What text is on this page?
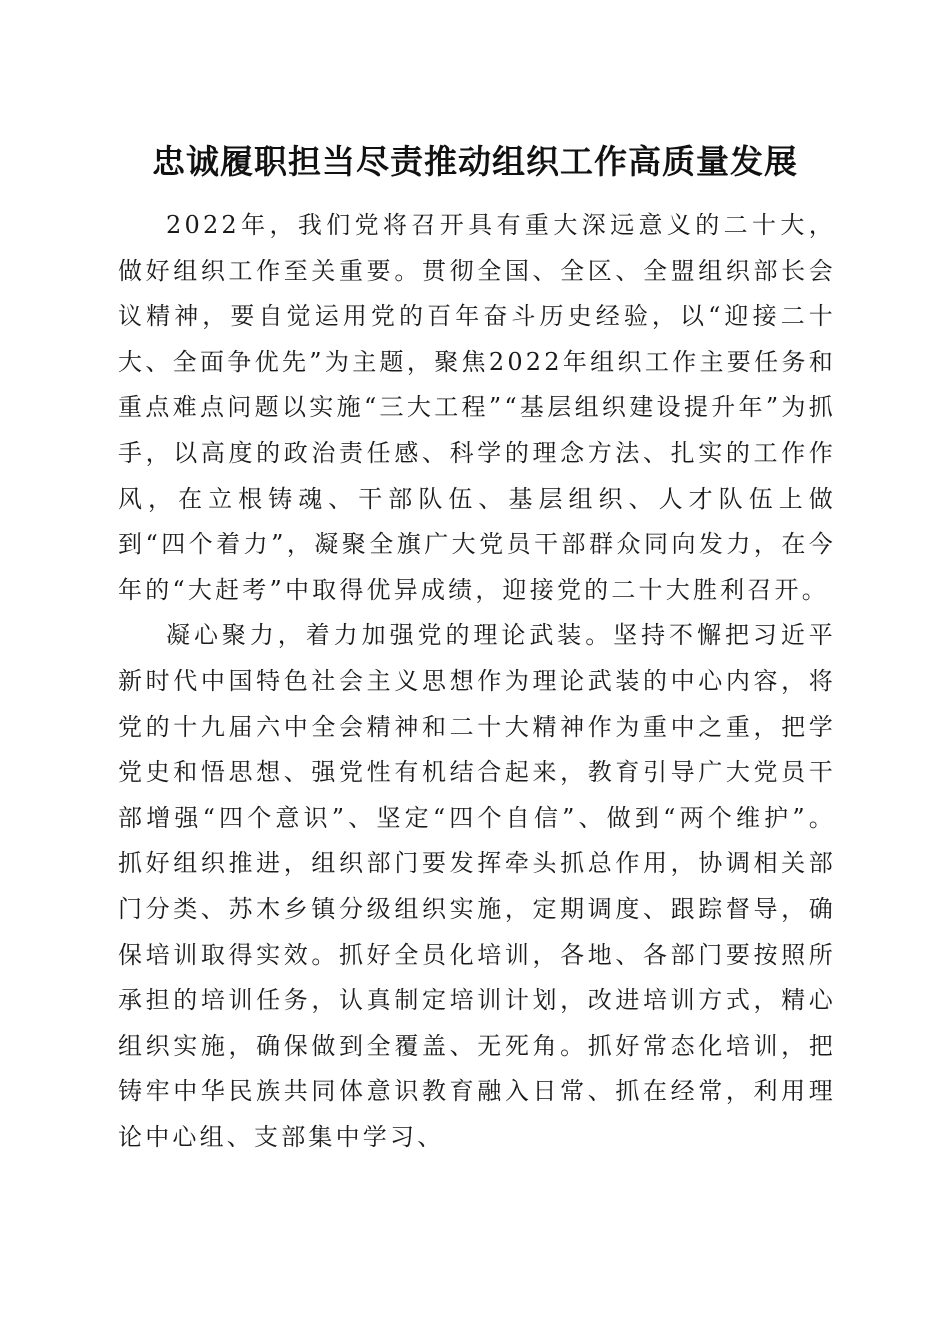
忠诚履职担当尽责推动组织工作高质量发展

2022年，我们党将召开具有重大深远意义的二十大，做好组织工作至关重要。贯彻全国、全区、全盟组织部长会议精神，要自觉运用党的百年奋斗历史经验，以“迎接二十大、全面争优先”为主题，聚焦2022年组织工作主要任务和重点难点问题以实施“三大工程”“基层组织建设提升年”为抓手，以高度的政治责任感、科学的理念方法、扎实的工作作风，在立根铸魂、干部队伍、基层组织、人才队伍上做到“四个着力”，凝聚全旗广大党员干部群众同向发力，在今年的“大赶考”中取得优异成绩，迎接党的二十大胜利召开。

凝心聚力，着力加强党的理论武装。坚持不懈把习近平新时代中国特色社会主义思想作为理论武装的中心内容，将党的十九届六中全会精神和二十大精神作为重中之重，把学党史和悟思想、强党性有机结合起来，教育引导广大党员干部增强“四个意识”、坚定“四个自信”、做到“两个维护”。抓好组织推进，组织部门要发挥牵头抓总作用，协调相关部门分类、苏木乡镇分级组织实施，定期调度、跟踪督导，确保培训取得实效。抓好全员化培训，各地、各部门要按照所承担的培训任务，认真制定培训计划，改进培训方式，精心组织实施，确保做到全覆盖、无死角。抓好常态化培训，把铸牢中华民族共同体意识教育融入日常、抓在经常，利用理论中心组、支部集中学习、
